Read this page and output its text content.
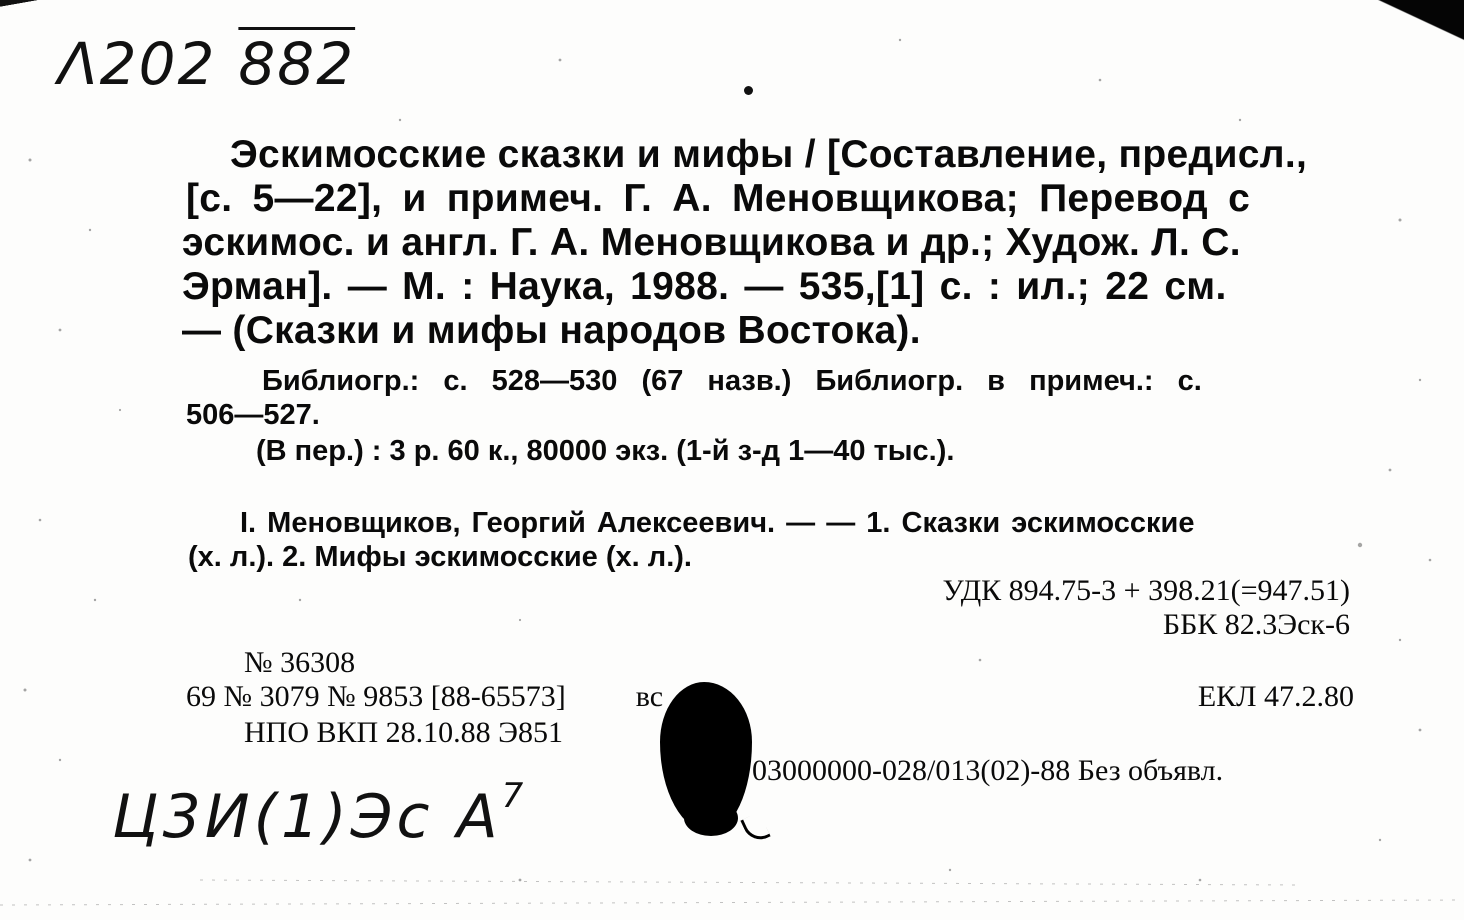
Λ202 882
Эскимосские сказки и мифы / [Составление, предисл.,
[с. 5—22], и примеч. Г. А. Меновщикова; Перевод с
эскимос. и англ. Г. А. Меновщикова и др.; Худож. Л. С.
Эрман]. — М. : Наука, 1988. — 535,[1] с. : ил.; 22 см.
— (Сказки и мифы народов Востока).
Библиогр.: с. 528—530 (67 назв.) Библиогр. в примеч.: с.
506—527.
(В пер.) : 3 р. 60 к., 80000 экз. (1-й з-д 1—40 тыс.).
I. Меновщиков, Георгий Алексеевич. — — 1. Сказки эскимосские
(х. л.). 2. Мифы эскимосские (х. л.).
УДК 894.75-3 + 398.21(=947.51)
ББК 82.3Эск-6
№ 36308
69 № 3079 № 9853 [88-65573] вс	ЕКЛ 47.2.80
НПО ВКП 28.10.88 Э851
03000000-028/013(02)-88 Без объявл.
Ц3И(1)Эс $А^7$
